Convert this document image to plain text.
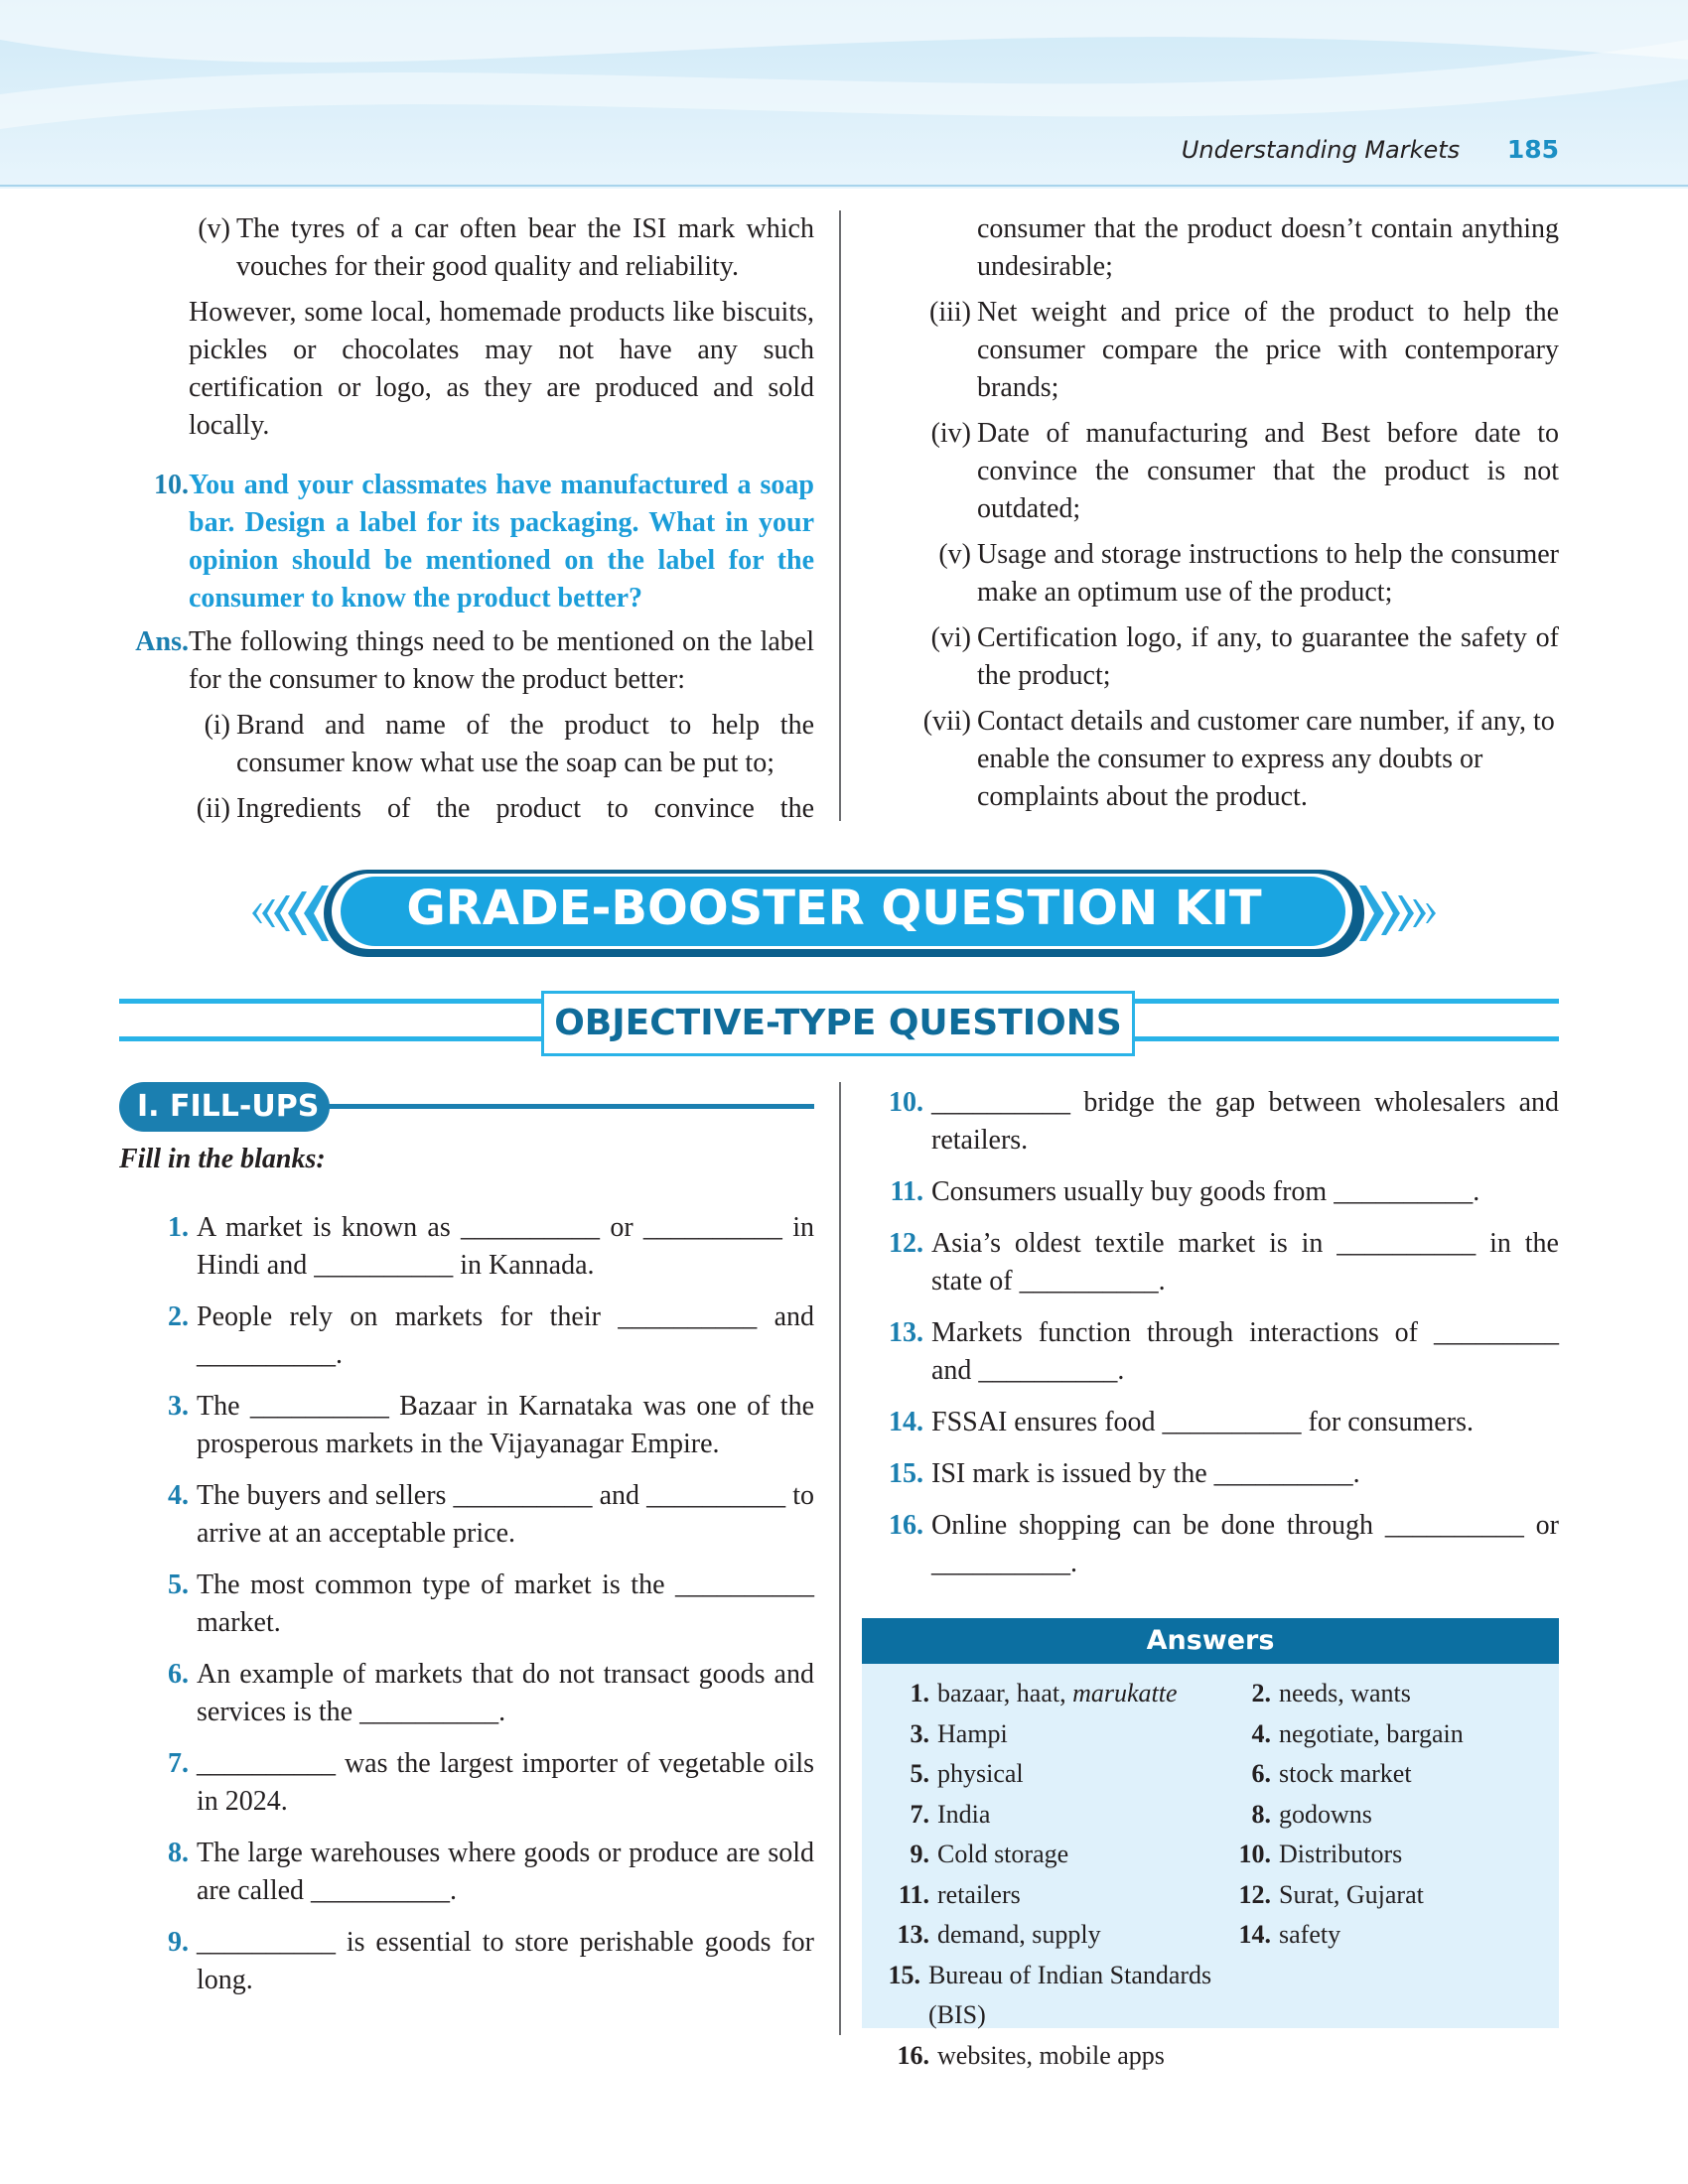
Understanding Markets 185
(v) The tyres of a car often bear the ISI mark which vouches for their good quality and reliability.

However, some local, homemade products like biscuits, pickles or chocolates may not have any such certification or logo, as they are produced and sold locally.

10. You and your classmates have manufactured a soap bar. Design a label for its packaging. What in your opinion should be mentioned on the label for the consumer to know the product better?
Ans. The following things need to be mentioned on the label for the consumer to know the product better:
(i) Brand and name of the product to help the consumer know what use the soap can be put to;
(ii) Ingredients of the product to convince the

consumer that the product doesn’t contain anything undesirable;

(iii) Net weight and price of the product to help the consumer compare the price with contemporary brands;
(iv) Date of manufacturing and Best before date to convince the consumer that the product is not outdated;
(v) Usage and storage instructions to help the consumer make an optimum use of the product;
(vi) Certification logo, if any, to guarantee the safety of the product;
(vii) Contact details and customer care number, if any, to enable the consumer to express any doubts or complaints about the product.
GRADE-BOOSTER QUESTION KIT
OBJECTIVE-TYPE QUESTIONS
I. FILL-UPS
Fill in the blanks:
1. A market is known as __________ or __________ in Hindi and __________ in Kannada.
2. People rely on markets for their __________ and __________.
3. The __________ Bazaar in Karnataka was one of the prosperous markets in the Vijayanagar Empire.
4. The buyers and sellers __________ and __________ to arrive at an acceptable price.
5. The most common type of market is the __________ market.
6. An example of markets that do not transact goods and services is the __________.
7. __________ was the largest importer of vegetable oils in 2024.
8. The large warehouses where goods or produce are sold are called __________.
9. __________ is essential to store perishable goods for long.
10. __________ bridge the gap between wholesalers and retailers.
11. Consumers usually buy goods from __________.
12. Asia’s oldest textile market is in __________ in the state of __________.
13. Markets function through interactions of _________ and __________.
14. FSSAI ensures food __________ for consumers.
15. ISI mark is issued by the __________.
16. Online shopping can be done through __________ or __________.
Answers
1. bazaar, haat, marukatte	2. needs, wants
3. Hampi	4. negotiate, bargain
5. physical	6. stock market
7. India	8. godowns
9. Cold storage	10. Distributors
11. retailers	12. Surat, Gujarat
13. demand, supply	14. safety
15. Bureau of Indian Standards (BIS)
16. websites, mobile apps
